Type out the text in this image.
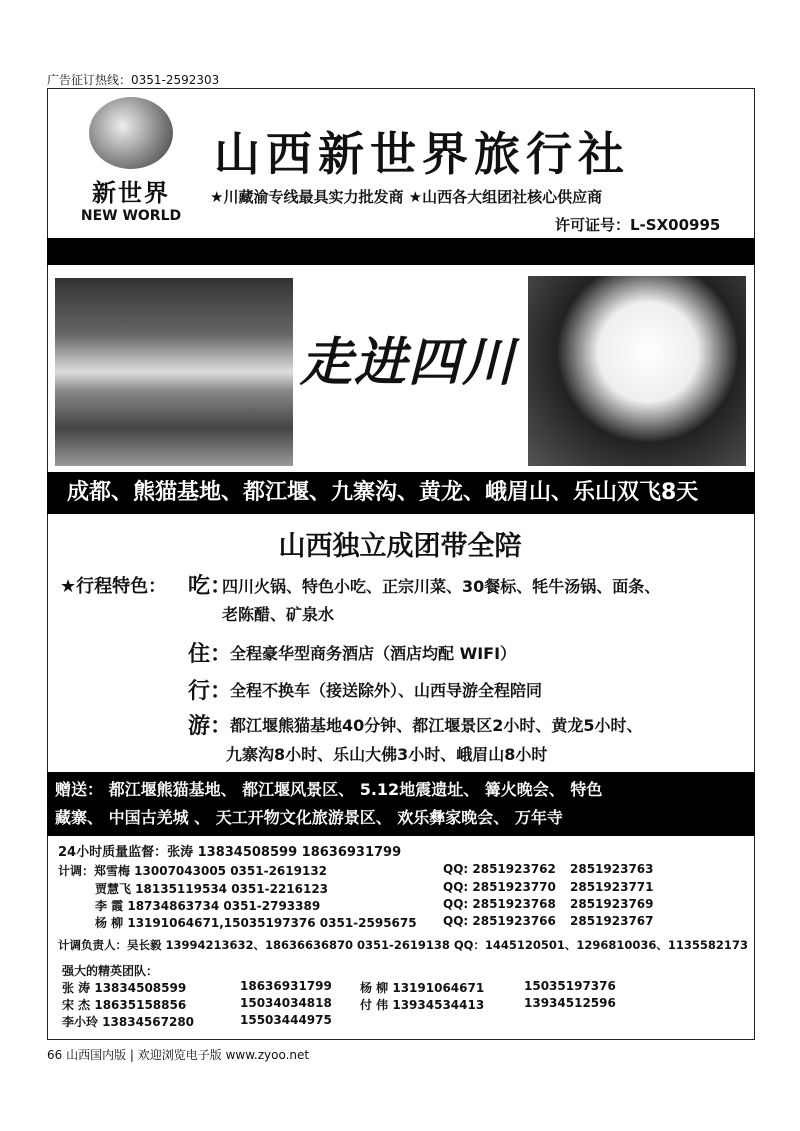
广告征订热线：0351-2592303
新世界
NEW WORLD
山西新世界旅行社
★川藏渝专线最具实力批发商 ★山西各大组团社核心供应商
许可证号：L-SX00995
走进四川
成都、熊猫基地、都江堰、九寨沟、黄龙、峨眉山、乐山双飞8天
山西独立成团带全陪
★行程特色： 吃：
四川火锅、特色小吃、正宗川菜、30餐标、牦牛汤锅、面条、
老陈醋、矿泉水
住：
全程豪华型商务酒店（酒店均配 WIFI）
行：
全程不换车（接送除外）、山西导游全程陪同
游：
都江堰熊猫基地40分钟、都江堰景区2小时、黄龙5小时、
九寨沟8小时、乐山大佛3小时、峨眉山8小时
赠送： 都江堰熊猫基地、 都江堰风景区、 5.12地震遗址、 篝火晚会、 特色
藏寨、 中国古羌城 、 天工开物文化旅游景区、 欢乐彝家晚会、 万年寺
24小时质量监督：张涛 13834508599 18636931799
计调：郑雪梅 13007043005 0351-2619132	QQ: 2851923762 2851923763
贾慧飞 18135119534 0351-2216123	QQ: 2851923770 2851923771
李 霞 18734863734 0351-2793389	QQ: 2851923768 2851923769
杨 柳 13191064671,15035197376 0351-2595675 QQ: 2851923766 2851923767
计调负责人：吴长毅 13994213632、18636636870 0351-2619138 QQ：1445120501、1296810036、1135582173
强大的精英团队：
张 涛 13834508599	18636931799 杨 柳 13191064671	15035197376
宋 杰 18635158856	15034034818 付 伟 13934534413	13934512596
李小玲 13834567280	15503444975
66 山西国内版 | 欢迎浏览电子版 www.zyoo.net
